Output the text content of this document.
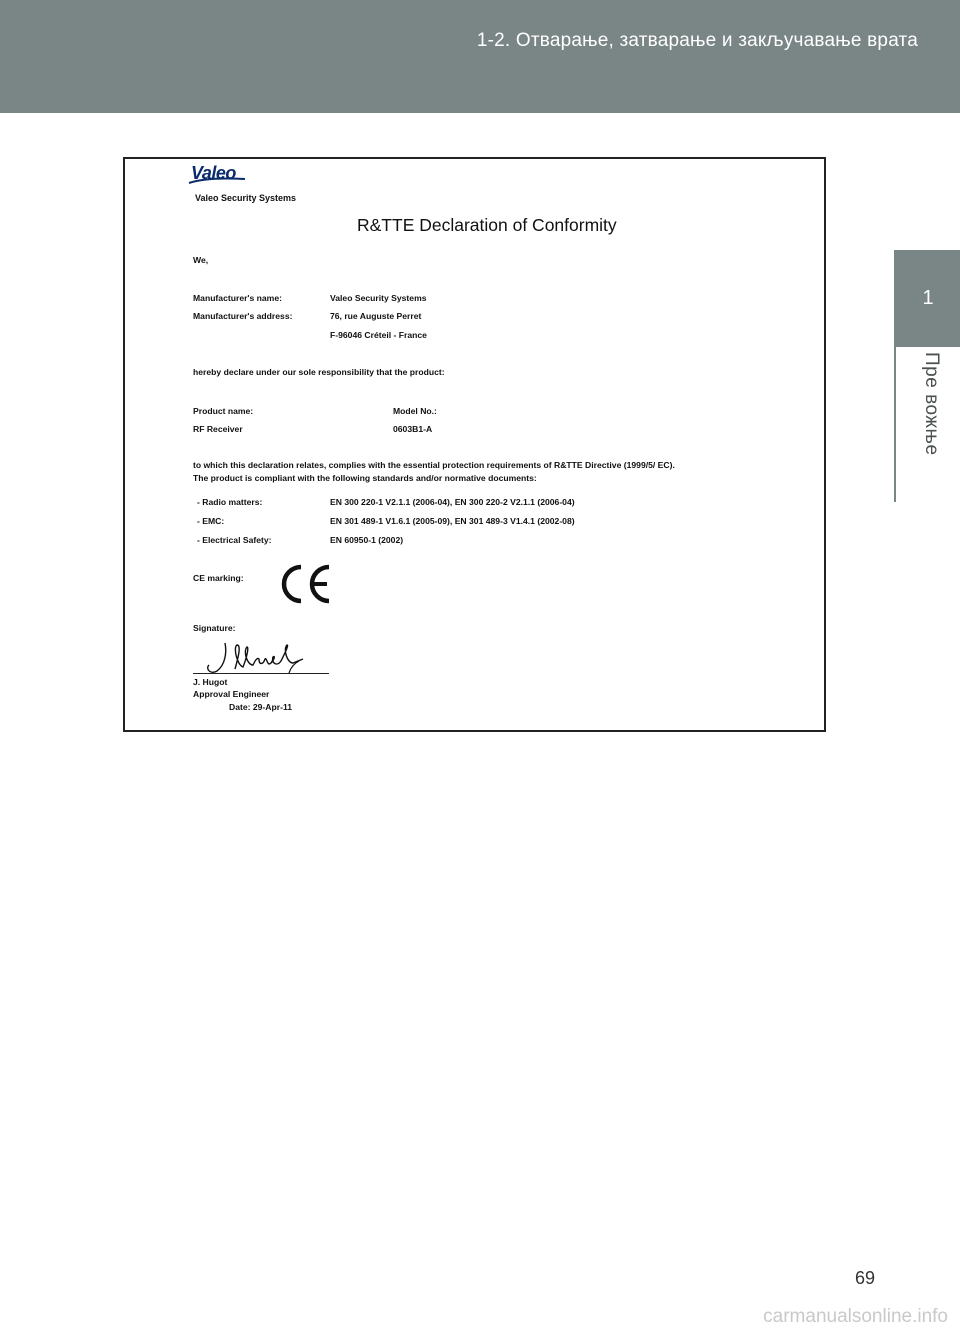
1-2. Отварање, затварање и закључавање врата
1
Пре вожње
Valeo
Valeo Security Systems
R&TTE Declaration of Conformity
We,
Manufacturer's name:	Valeo Security Systems
Manufacturer's address:	76, rue Auguste Perret
F-96046 Créteil - France
hereby declare under our sole responsibility that the product:
Product name:	Model No.:
RF Receiver	0603B1-A
to which this declaration relates, complies with the essential protection requirements of R&TTE Directive (1999/5/ EC).
The product is compliant with the following standards and/or normative documents:
- Radio matters:	EN 300 220-1 V2.1.1 (2006-04), EN 300 220-2 V2.1.1 (2006-04)
- EMC:	EN 301 489-1 V1.6.1 (2005-09), EN 301 489-3 V1.4.1 (2002-08)
- Electrical Safety:	EN 60950-1 (2002)
CE marking:
Signature:
J. Hugot
Approval Engineer
Date: 29-Apr-11
69
carmanualsonline.info
